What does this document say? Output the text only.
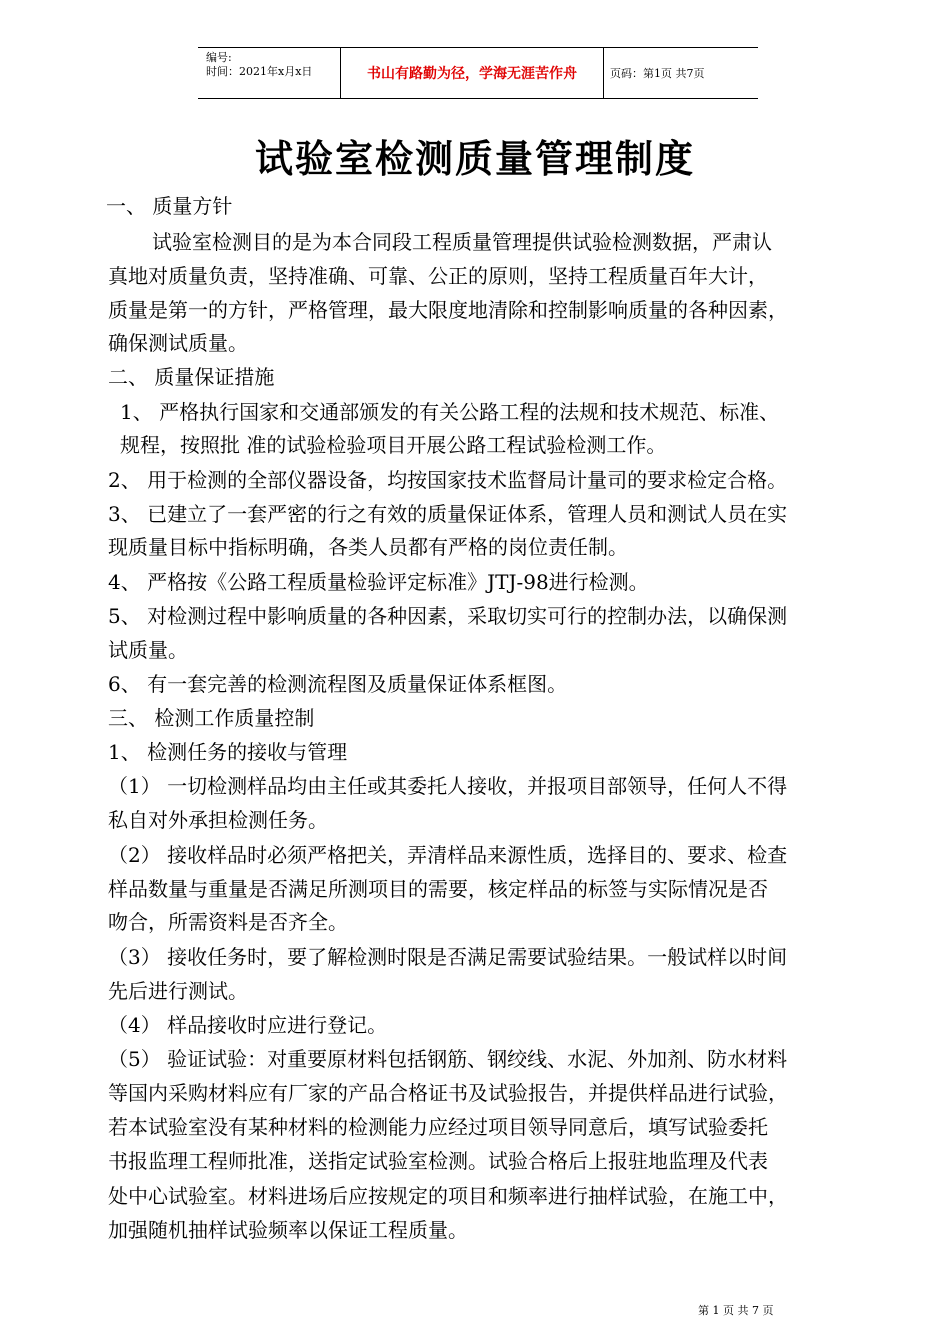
编号:
时间：2021年x月x日	书山有路勤为径，学海无涯苦作舟	页码：第1页 共7页
试验室检测质量管理制度
一、 质量方针
试验室检测目的是为本合同段工程质量管理提供试验检测数据，严肃认
真地对质量负责，坚持准确、可靠、公正的原则，坚持工程质量百年大计，
质量是第一的方针，严格管理，最大限度地清除和控制影响质量的各种因素，
确保测试质量。
二、 质量保证措施
1、 严格执行国家和交通部颁发的有关公路工程的法规和技术规范、标准、
规程，按照批 准的试验检验项目开展公路工程试验检测工作。
2、 用于检测的全部仪器设备，均按国家技术监督局计量司的要求检定合格。
3、 已建立了一套严密的行之有效的质量保证体系，管理人员和测试人员在实
现质量目标中指标明确，各类人员都有严格的岗位责任制。
4、 严格按《公路工程质量检验评定标准》JTJ-98进行检测。
5、 对检测过程中影响质量的各种因素，采取切实可行的控制办法，以确保测
试质量。
6、 有一套完善的检测流程图及质量保证体系框图。
三、 检测工作质量控制
1、 检测任务的接收与管理
（1） 一切检测样品均由主任或其委托人接收，并报项目部领导，任何人不得
私自对外承担检测任务。
（2） 接收样品时必须严格把关，弄清样品来源性质，选择目的、要求、检查
样品数量与重量是否满足所测项目的需要，核定样品的标签与实际情况是否
吻合，所需资料是否齐全。
（3） 接收任务时，要了解检测时限是否满足需要试验结果。一般试样以时间
先后进行测试。
（4） 样品接收时应进行登记。
（5） 验证试验：对重要原材料包括钢筋、钢绞线、水泥、外加剂、防水材料
等国内采购材料应有厂家的产品合格证书及试验报告，并提供样品进行试验，
若本试验室没有某种材料的检测能力应经过项目领导同意后，填写试验委托
书报监理工程师批准，送指定试验室检测。试验合格后上报驻地监理及代表
处中心试验室。材料进场后应按规定的项目和频率进行抽样试验，在施工中，
加强随机抽样试验频率以保证工程质量。
第 1 页 共 7 页
